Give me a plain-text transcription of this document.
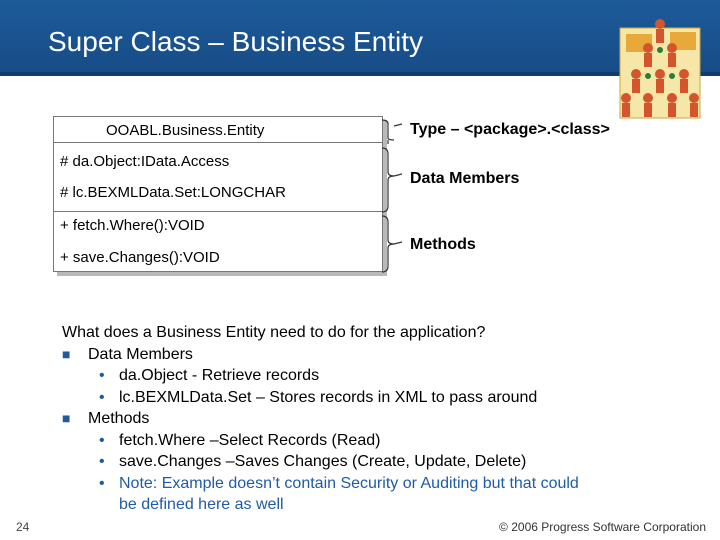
Super Class – Business Entity
OOABL.Business.Entity
# da.Object:IData.Access
# lc.BEXMLData.Set:LONGCHAR
+ fetch.Where():VOID
+ save.Changes():VOID
Type – <package>.<class>
Data Members
Methods
What does a Business Entity need to do for the application?
■ Data Members
• da.Object - Retrieve records
• lc.BEXMLData.Set – Stores records in XML to pass around
■ Methods
• fetch.Where –Select Records (Read)
• save.Changes –Saves Changes (Create, Update, Delete)
• Note: Example doesn’t contain Security or Auditing but that could
be defined here as well
24	© 2006 Progress Software Corporation
